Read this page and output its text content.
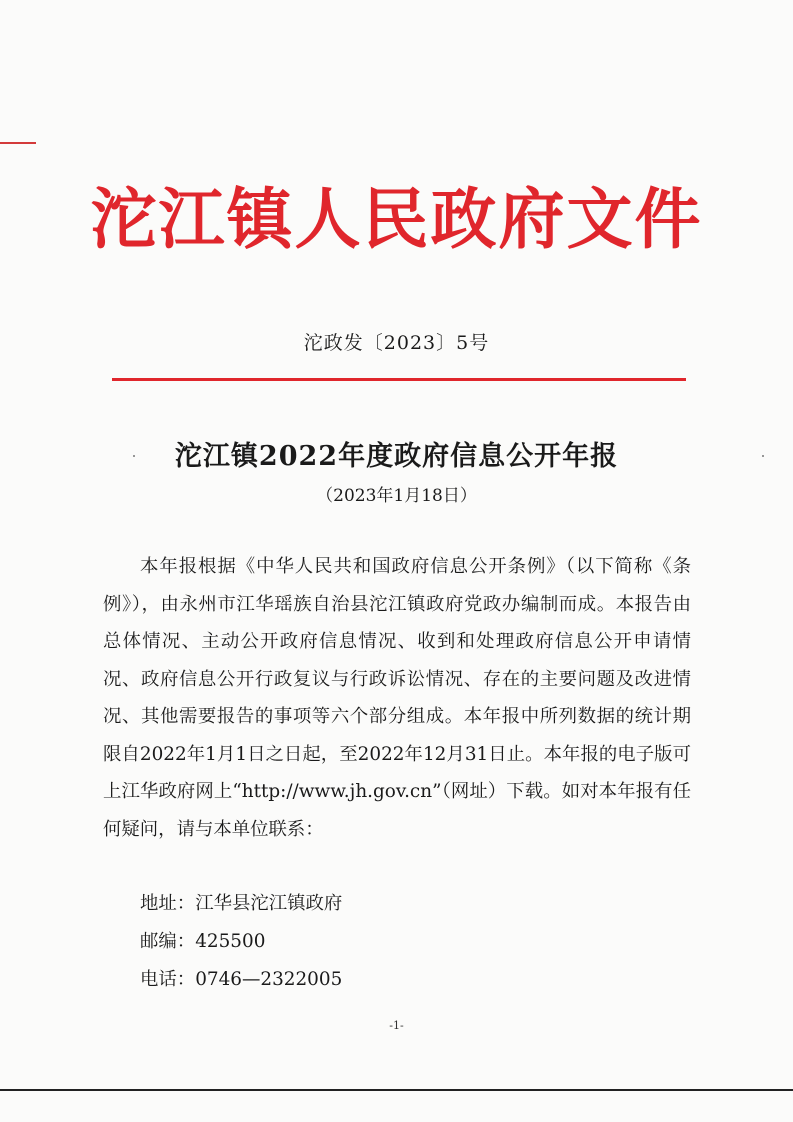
沱江镇人民政府文件
沱政发〔2023〕5号
沱江镇2022年度政府信息公开年报
（2023年1月18日）
本年报根据《中华人民共和国政府信息公开条例》（以下简称《条例》），由永州市江华瑶族自治县沱江镇政府党政办编制而成。本报告由总体情况、主动公开政府信息情况、收到和处理政府信息公开申请情况、政府信息公开行政复议与行政诉讼情况、存在的主要问题及改进情况、其他需要报告的事项等六个部分组成。本年报中所列数据的统计期限自2022年1月1日之日起，至2022年12月31日止。本年报的电子版可上江华政府网上“http://www.jh.gov.cn”（网址）下载。如对本年报有任何疑问，请与本单位联系：
地址：江华县沱江镇政府
邮编：425500
电话：0746—2322005
-1-
